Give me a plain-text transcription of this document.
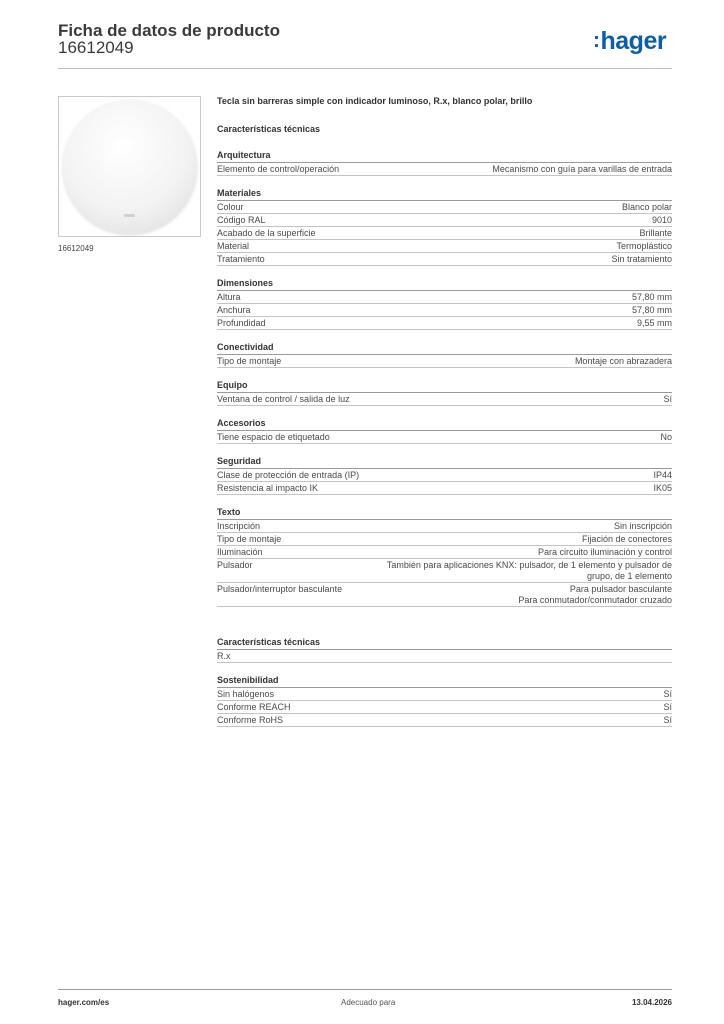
Ficha de datos de producto
16612049	:hager
16612049
Tecla sin barreras simple con indicador luminoso, R.x, blanco polar, brillo
Características técnicas
Arquitectura
Elemento de control/operación	Mecanismo con guía para varillas de entrada
Materiales
Colour	Blanco polar
Código RAL	9010
Acabado de la superficie	Brillante
Material	Termoplástico
Tratamiento	Sin tratamiento
Dimensiones
Altura	57,80 mm
Anchura	57,80 mm
Profundidad	9,55 mm
Conectividad
Tipo de montaje	Montaje con abrazadera
Equipo
Ventana de control / salida de luz	Sí
Accesorios
Tiene espacio de etiquetado	No
Seguridad
Clase de protección de entrada (IP)	IP44
Resistencia al impacto IK	IK05
Texto
Inscripción	Sin inscripción
Tipo de montaje	Fijación de conectores
Iluminación	Para circuito iluminación y control
Pulsador	También para aplicaciones KNX: pulsador, de 1 elemento y pulsador de
grupo, de 1 elemento
Pulsador/interruptor basculante	Para pulsador basculante
Para conmutador/conmutador cruzado
Características técnicas
R.x
Sostenibilidad
Sin halógenos	Sí
Conforme REACH	Sí
Conforme RoHS	Sí
hager.com/es	Adecuado para	13.04.2026
